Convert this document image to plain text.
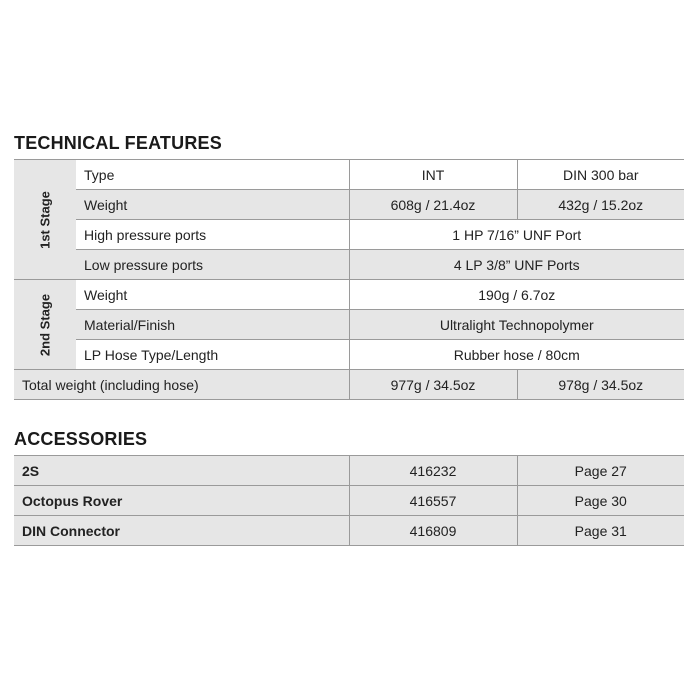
TECHNICAL FEATURES
1st Stage	Type	INT	DIN 300 bar
	Weight	608g / 21.4oz	432g / 15.2oz
	High pressure ports	1 HP 7/16” UNF Port	
	Low pressure ports	4 LP 3/8” UNF Ports	

2nd Stage	Weight	190g / 6.7oz	
	Material/Finish	Ultralight Technopolymer	
	LP Hose Type/Length	Rubber hose / 80cm	
Total weight (including hose)		977g / 34.5oz	978g / 34.5oz
ACCESSORIES
2S	416232	Page 27
Octopus Rover	416557	Page 30
DIN Connector	416809	Page 31
